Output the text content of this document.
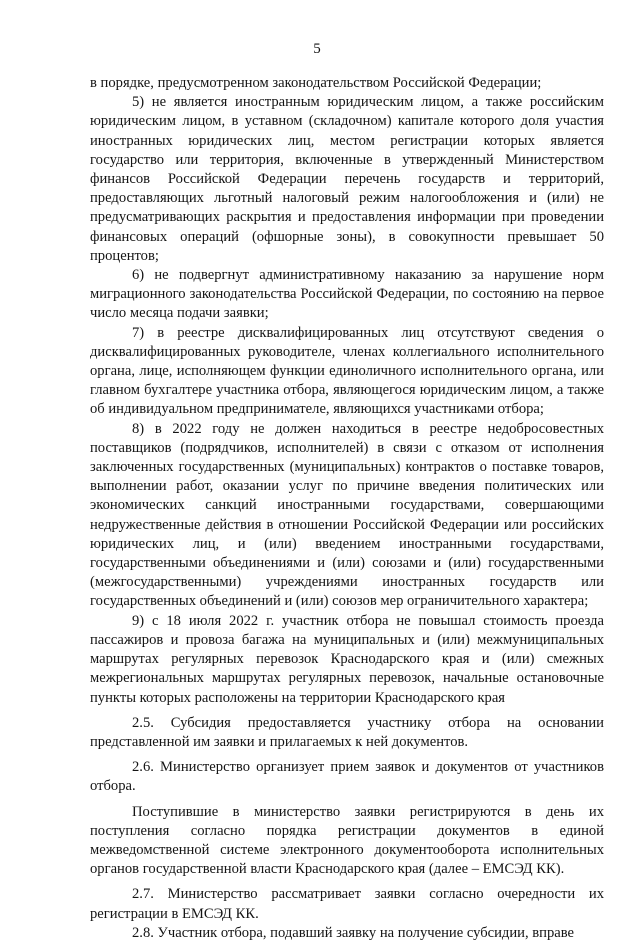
5

в порядке, предусмотренном законодательством Российской Федерации;

5) не является иностранным юридическим лицом, а также российским юридическим лицом, в уставном (складочном) капитале которого доля участия иностранных юридических лиц, местом регистрации которых является государство или территория, включенные в утвержденный Министерством финансов Российской Федерации перечень государств и территорий, предоставляющих льготный налоговый режим налогообложения и (или) не предусматривающих раскрытия и предоставления информации при проведении финансовых операций (офшорные зоны), в совокупности превышает 50 процентов;

6) не подвергнут административному наказанию за нарушение норм миграционного законодательства Российской Федерации, по состоянию на первое число месяца подачи заявки;

7) в реестре дисквалифицированных лиц отсутствуют сведения о дисквалифицированных руководителе, членах коллегиального исполнительного органа, лице, исполняющем функции единоличного исполнительного органа, или главном бухгалтере участника отбора, являющегося юридическим лицом, а также об индивидуальном предпринимателе, являющихся участниками отбора;

8) в 2022 году не должен находиться в реестре недобросовестных поставщиков (подрядчиков, исполнителей) в связи с отказом от исполнения заключенных государственных (муниципальных) контрактов о поставке товаров, выполнении работ, оказании услуг по причине введения политических или экономических санкций иностранными государствами, совершающими недружественные действия в отношении Российской Федерации или российских юридических лиц, и (или) введением иностранными государствами, государственными объединениями и (или) союзами и (или) государственными (межгосударственными) учреждениями иностранных государств или государственных объединений и (или) союзов мер ограничительного характера;

9) с 18 июля 2022 г. участник отбора не повышал стоимость проезда пассажиров и провоза багажа на муниципальных и (или) межмуниципальных маршрутах регулярных перевозок Краснодарского края и (или) смежных межрегиональных маршрутах регулярных перевозок, начальные остановочные пункты которых расположены на территории Краснодарского края

2.5. Субсидия предоставляется участнику отбора на основании представленной им заявки и прилагаемых к ней документов.

2.6. Министерство организует прием заявок и документов от участников отбора.

Поступившие в министерство заявки регистрируются в день их поступления согласно порядка регистрации документов в единой межведомственной системе электронного документооборота исполнительных органов государственной власти Краснодарского края (далее – ЕМСЭД КК).

2.7. Министерство рассматривает заявки согласно очередности их регистрации в ЕМСЭД КК.

2.8. Участник отбора, подавший заявку на получение субсидии, вправе
